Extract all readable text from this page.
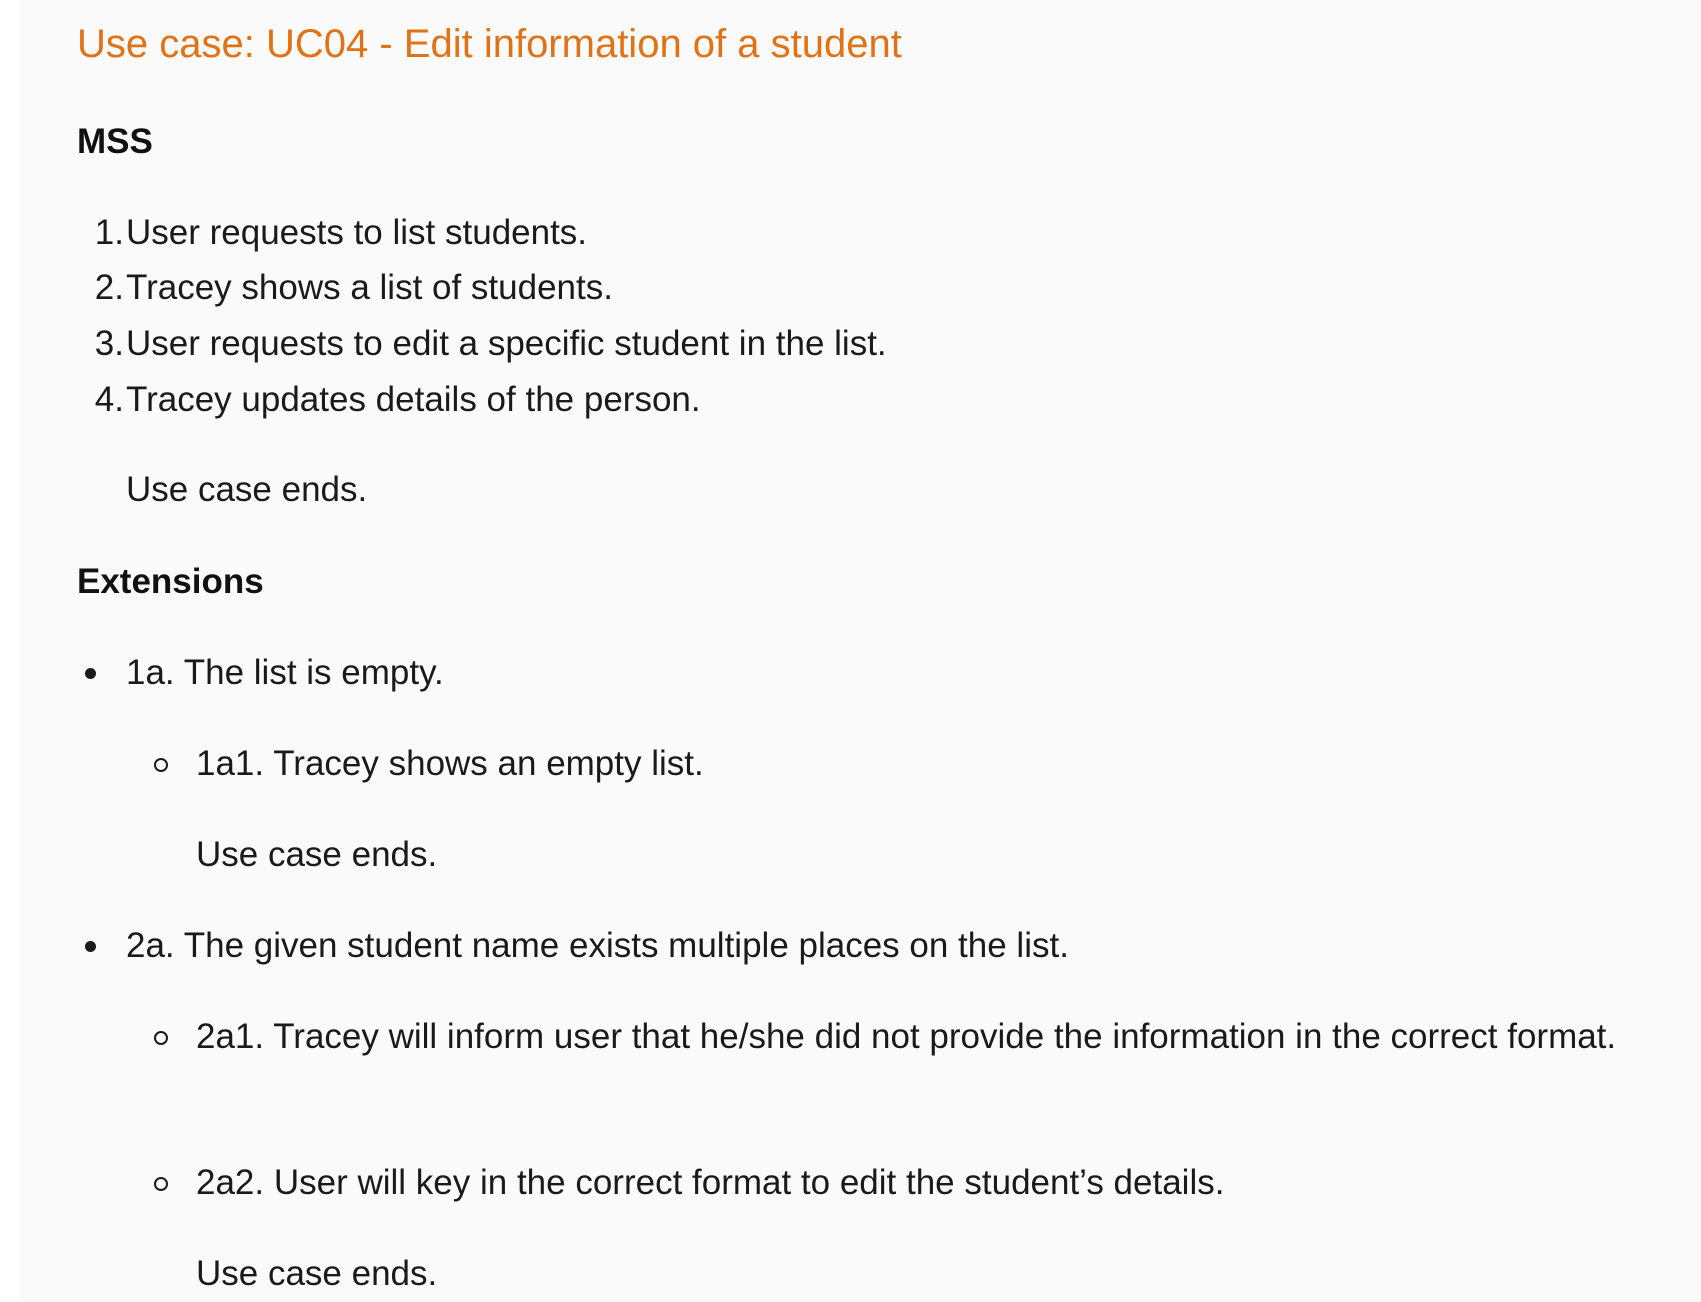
Use case: UC04 - Edit information of a student
MSS
1.User requests to list students.
2.Tracey shows a list of students.
3.User requests to edit a specific student in the list.
4.Tracey updates details of the person.
Use case ends.
Extensions
1a. The list is empty.
1a1. Tracey shows an empty list.
Use case ends.
2a. The given student name exists multiple places on the list.
2a1. Tracey will inform user that he/she did not provide the information in the correct format.
2a2. User will key in the correct format to edit the student’s details.
Use case ends.
